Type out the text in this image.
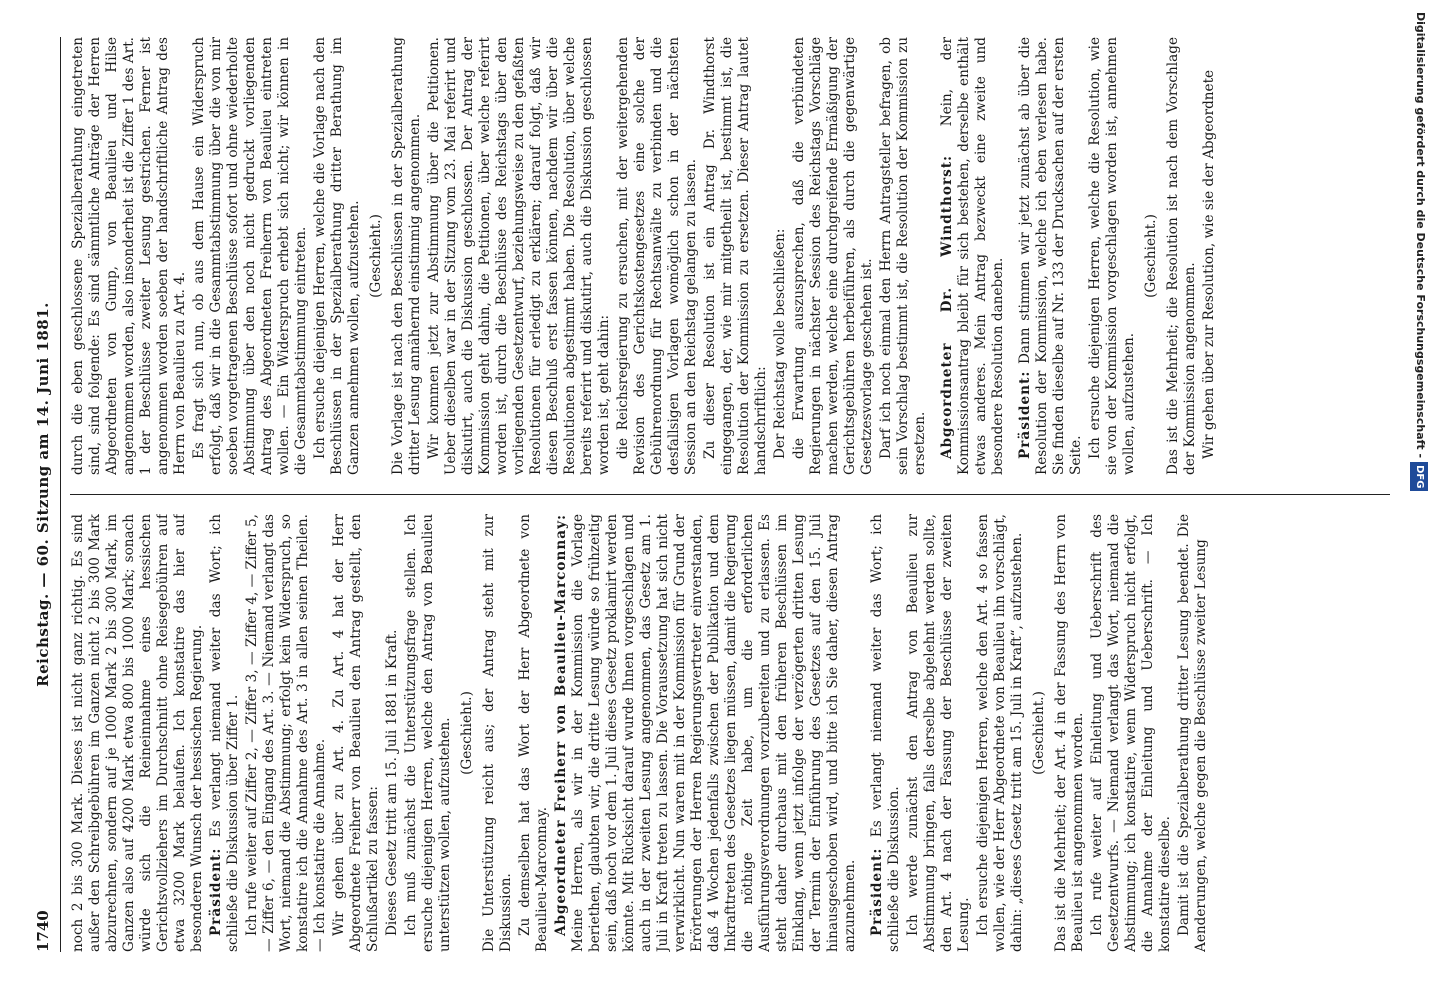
1740
Reichstag. — 60. Sitzung am 14. Juni 1881.

noch 2 bis 300 Mark. Dieses ist nicht ganz richtig. Es sind außer den Schreibgebühren im Ganzen nicht 2 bis 300 Mark abzurechnen, sondern auf je 1000 Mark 2 bis 300 Mark, im Ganzen also auf 4200 Mark etwa 800 bis 1000 Mark; sonach würde sich die Reineinnahme eines hessischen Gerichtsvollziehers im Durchschnitt ohne Reisegebühren auf etwa 3200 Mark belaufen. Ich konstatire das hier auf besonderen Wunsch der hessischen Regierung. Präsident: Es verlangt niemand weiter das Wort; ich schließe die Diskussion über Ziffer 1. Ich rufe weiter auf Ziffer 2, — Ziffer 3, — Ziffer 4, — Ziffer 5, — Ziffer 6, — den Eingang des Art. 3. — Niemand verlangt das Wort, niemand die Abstimmung; erfolgt kein Widerspruch, so konstatire ich die Annahme des Art. 3 in allen seinen Theilen. — Ich konstatire die Annahme. Wir gehen über zu Art. 4. Zu Art. 4 hat der Herr Abgeordnete Freiherr von Beaulieu den Antrag gestellt, den Schlußartikel zu fassen: Dieses Gesetz tritt am 15. Juli 1881 in Kraft. Ich muß zunächst die Unterstützungsfrage stellen. Ich ersuche diejenigen Herren, welche den Antrag von Beaulieu unterstützen wollen, aufzustehen. (Geschieht.) Die Unterstützung reicht aus; der Antrag steht mit zur Diskussion. Zu demselben hat das Wort der Herr Abgeordnete von Beaulieu-Marconnay. Abgeordneter Freiherr von Beaulieu-Marconnay: Meine Herren, als wir in der Kommission die Vorlage beriethen, glaubten wir, die dritte Lesung würde so frühzeitig sein, daß noch vor dem 1. Juli dieses Gesetz proklamirt werden könnte. Mit Rücksicht darauf wurde Ihnen vorgeschlagen und auch in der zweiten Lesung angenommen, das Gesetz am 1. Juli in Kraft treten zu lassen. Die Voraussetzung hat sich nicht verwirklicht. Nun waren mit in der Kommission für Grund der Erörterungen der Herren Regierungsvertreter einverstanden, daß 4 Wochen jedenfalls zwischen der Publikation und dem Inkrafttreten des Gesetzes liegen müssen, damit die Regierung die nöthige Zeit habe, um die erforderlichen Ausführungsverordnungen vorzubereiten und zu erlassen. Es steht daher durchaus mit den früheren Beschlüssen im Einklang, wenn jetzt infolge der verzögerten dritten Lesung der Termin der Einführung des Gesetzes auf den 15. Juli hinausgeschoben wird, und bitte ich Sie daher, diesen Antrag anzunehmen. Präsident: Es verlangt niemand weiter das Wort; ich schließe die Diskussion. Ich werde zunächst den Antrag von Beaulieu zur Abstimmung bringen, falls derselbe abgelehnt werden sollte, den Art. 4 nach der Fassung der Beschlüsse der zweiten Lesung. Ich ersuche diejenigen Herren, welche den Art. 4 so fassen wollen, wie der Herr Abgeordnete von Beaulieu ihn vorschlägt, dahin: „dieses Gesetz tritt am 15. Juli in Kraft“, aufzustehen. (Geschieht.) Das ist die Mehrheit; der Art. 4 in der Fassung des Herrn von Beaulieu ist angenommen worden. Ich rufe weiter auf Einleitung und Ueberschrift des Gesetzentwurfs. — Niemand verlangt das Wort, niemand die Abstimmung; ich konstatire, wenn Widerspruch nicht erfolgt, die Annahme der Einleitung und Ueberschrift. — Ich konstatire dieselbe. Damit ist die Spezialberathung dritter Lesung beendet. Die Aenderungen, welche gegen die Beschlüsse zweiter Lesung

durch die eben geschlossene Spezialberathung eingetreten sind, sind folgende: Es sind sämmtliche Anträge der Herren Abgeordneten von Gump, von Beaulieu und Hilse angenommen worden, also insonderheit ist die Ziffer 1 des Art. 1 der Beschlüsse zweiter Lesung gestrichen. Ferner ist angenommen worden soeben der handschriftliche Antrag des Herrn von Beaulieu zu Art. 4. Es fragt sich nun, ob aus dem Hause ein Widerspruch erfolgt, daß wir in die Gesammtabstimmung über die von mir soeben vorgetragenen Beschlüsse sofort und ohne wiederholte Abstimmung über den noch nicht gedruckt vorliegenden Antrag des Abgeordneten Freiherrn von Beaulieu eintreten wollen. — Ein Widerspruch erhebt sich nicht; wir können in die Gesammtabstimmung eintreten. Ich ersuche diejenigen Herren, welche die Vorlage nach den Beschlüssen in der Spezialberathung dritter Berathung im Ganzen annehmen wollen, aufzustehen. (Geschieht.) Die Vorlage ist nach den Beschlüssen in der Spezialberathung dritter Lesung annähernd einstimmig angenommen. Wir kommen jetzt zur Abstimmung über die Petitionen. Ueber dieselben war in der Sitzung vom 23. Mai referirt und diskutirt, auch die Diskussion geschlossen. Der Antrag der Kommission geht dahin, die Petitionen, über welche referirt worden ist, durch die Beschlüsse des Reichstags über den vorliegenden Gesetzentwurf, beziehungsweise zu den gefaßten Resolutionen für erledigt zu erklären; darauf folgt, daß wir diesen Beschluß erst fassen können, nachdem wir über die Resolutionen abgestimmt haben. Die Resolution, über welche bereits referirt und diskutirt, auch die Diskussion geschlossen worden ist, geht dahin: die Reichsregierung zu ersuchen, mit der weitergehenden Revision des Gerichtskostengesetzes eine solche der Gebührenordnung für Rechtsanwälte zu verbinden und die desfallsigen Vorlagen womöglich schon in der nächsten Session an den Reichstag gelangen zu lassen. Zu dieser Resolution ist ein Antrag Dr. Windthorst eingegangen, der, wie mir mitgetheilt ist, bestimmt ist, die Resolution der Kommission zu ersetzen. Dieser Antrag lautet handschriftlich: Der Reichstag wolle beschließen: die Erwartung auszusprechen, daß die verbündeten Regierungen in nächster Session des Reichstags Vorschläge machen werden, welche eine durchgreifende Ermäßigung der Gerichtsgebühren herbeiführen, als durch die gegenwärtige Gesetzesvorlage geschehen ist. Darf ich noch einmal den Herrn Antragsteller befragen, ob sein Vorschlag bestimmt ist, die Resolution der Kommission zu ersetzen. Abgeordneter Dr. Windthorst: Nein, der Kommissionsantrag bleibt für sich bestehen, derselbe enthält etwas anderes. Mein Antrag bezweckt eine zweite und besondere Resolution daneben. Präsident: Dann stimmen wir jetzt zunächst ab über die Resolution der Kommission, welche ich eben verlesen habe. Sie finden dieselbe auf Nr. 133 der Drucksachen auf der ersten Seite. Ich ersuche diejenigen Herren, welche die Resolution, wie sie von der Kommission vorgeschlagen worden ist, annehmen wollen, aufzustehen.

(Geschieht.) Das ist die Mehrheit; die Resolution ist nach dem Vorschlage der Kommission angenommen. Wir gehen über zur Resolution, wie sie der Abgeordnete	Digitalisierung gefördert durch die Deutsche Forschungsgemeinschaft -DFG
